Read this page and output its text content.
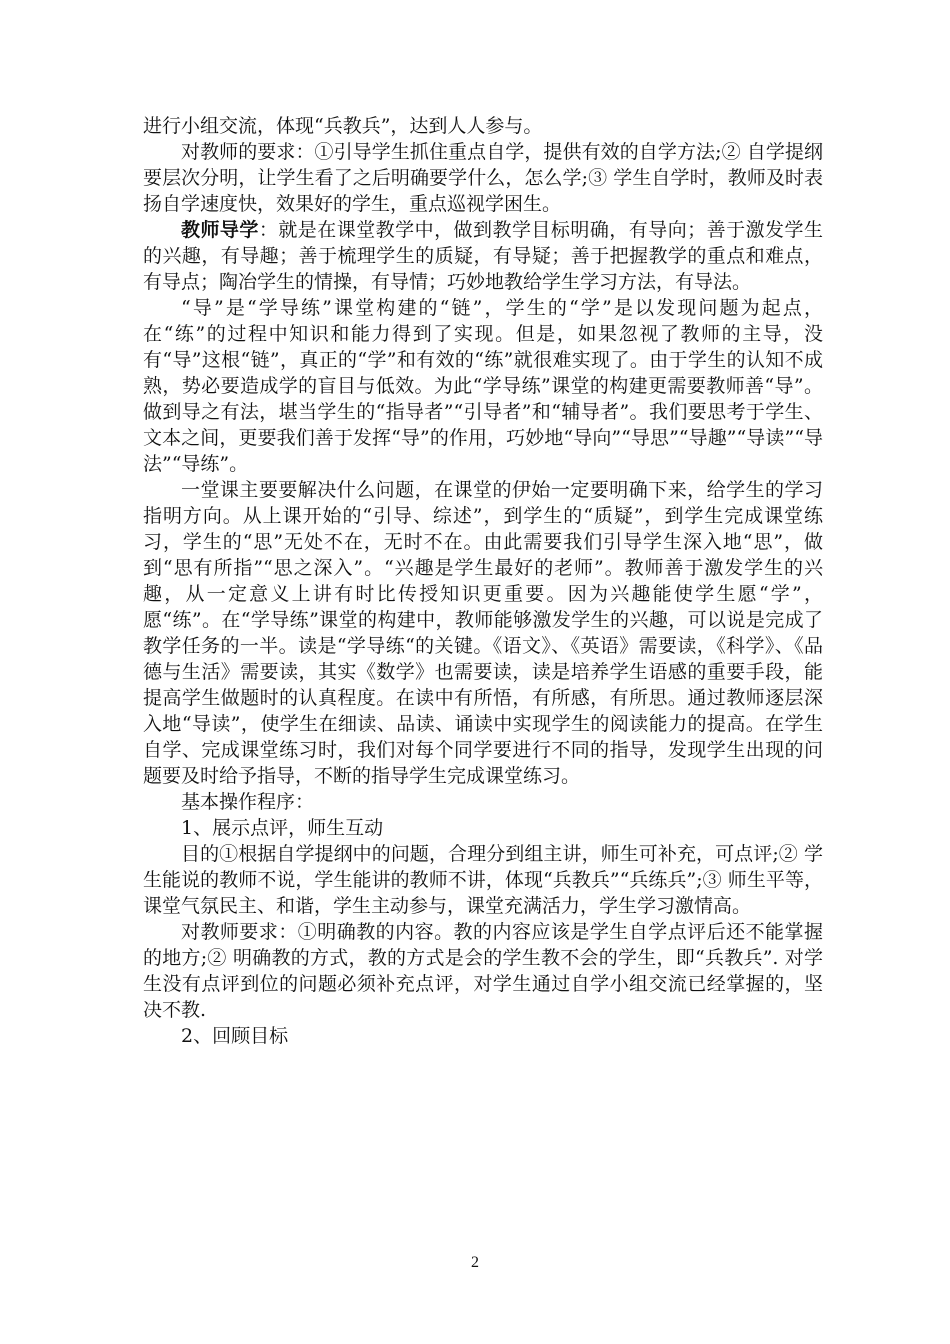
进行小组交流，体现“兵教兵”，达到人人参与。

对教师的要求：①引导学生抓住重点自学，提供有效的自学方法;② 自学提纲要层次分明，让学生看了之后明确要学什么，怎么学;③ 学生自学时，教师及时表扬自学速度快，效果好的学生，重点巡视学困生。

教师导学：就是在课堂教学中，做到教学目标明确，有导向；善于激发学生的兴趣，有导趣；善于梳理学生的质疑，有导疑；善于把握教学的重点和难点，有导点；陶冶学生的情操，有导情；巧妙地教给学生学习方法，有导法。

“导”是“学导练”课堂构建的“链”，学生的“学”是以发现问题为起点，在“练”的过程中知识和能力得到了实现。但是，如果忽视了教师的主导，没有“导”这根“链”，真正的“学”和有效的“练”就很难实现了。由于学生的认知不成熟，势必要造成学的盲目与低效。为此“学导练”课堂的构建更需要教师善“导”。做到导之有法，堪当学生的“指导者”“引导者”和“辅导者”。我们要思考于学生、文本之间，更要我们善于发挥“导”的作用，巧妙地“导向”“导思”“导趣”“导读”“导法”“导练”。

一堂课主要要解决什么问题，在课堂的伊始一定要明确下来，给学生的学习指明方向。从上课开始的“引导、综述”，到学生的“质疑”，到学生完成课堂练习，学生的“思”无处不在，无时不在。由此需要我们引导学生深入地“思”，做到“思有所指”“思之深入”。“兴趣是学生最好的老师”。教师善于激发学生的兴趣，从一定意义上讲有时比传授知识更重要。因为兴趣能使学生愿“学”，愿“练”。在“学导练”课堂的构建中，教师能够激发学生的兴趣，可以说是完成了教学任务的一半。读是“学导练“的关键。《语文》、《英语》需要读，《科学》、《品德与生活》需要读，其实《数学》也需要读，读是培养学生语感的重要手段，能提高学生做题时的认真程度。在读中有所悟，有所感，有所思。通过教师逐层深入地“导读”，使学生在细读、品读、诵读中实现学生的阅读能力的提高。在学生自学、完成课堂练习时，我们对每个同学要进行不同的指导，发现学生出现的问题要及时给予指导，不断的指导学生完成课堂练习。

基本操作程序：

1、展示点评，师生互动

目的①根据自学提纲中的问题，合理分到组主讲，师生可补充，可点评;② 学生能说的教师不说，学生能讲的教师不讲，体现“兵教兵”“兵练兵”;③ 师生平等，课堂气氛民主、和谐，学生主动参与，课堂充满活力，学生学习激情高。

对教师要求：①明确教的内容。教的内容应该是学生自学点评后还不能掌握的地方;② 明确教的方式，教的方式是会的学生教不会的学生，即“兵教兵”. 对学生没有点评到位的问题必须补充点评，对学生通过自学小组交流已经掌握的，坚决不教.

2、回顾目标

2
